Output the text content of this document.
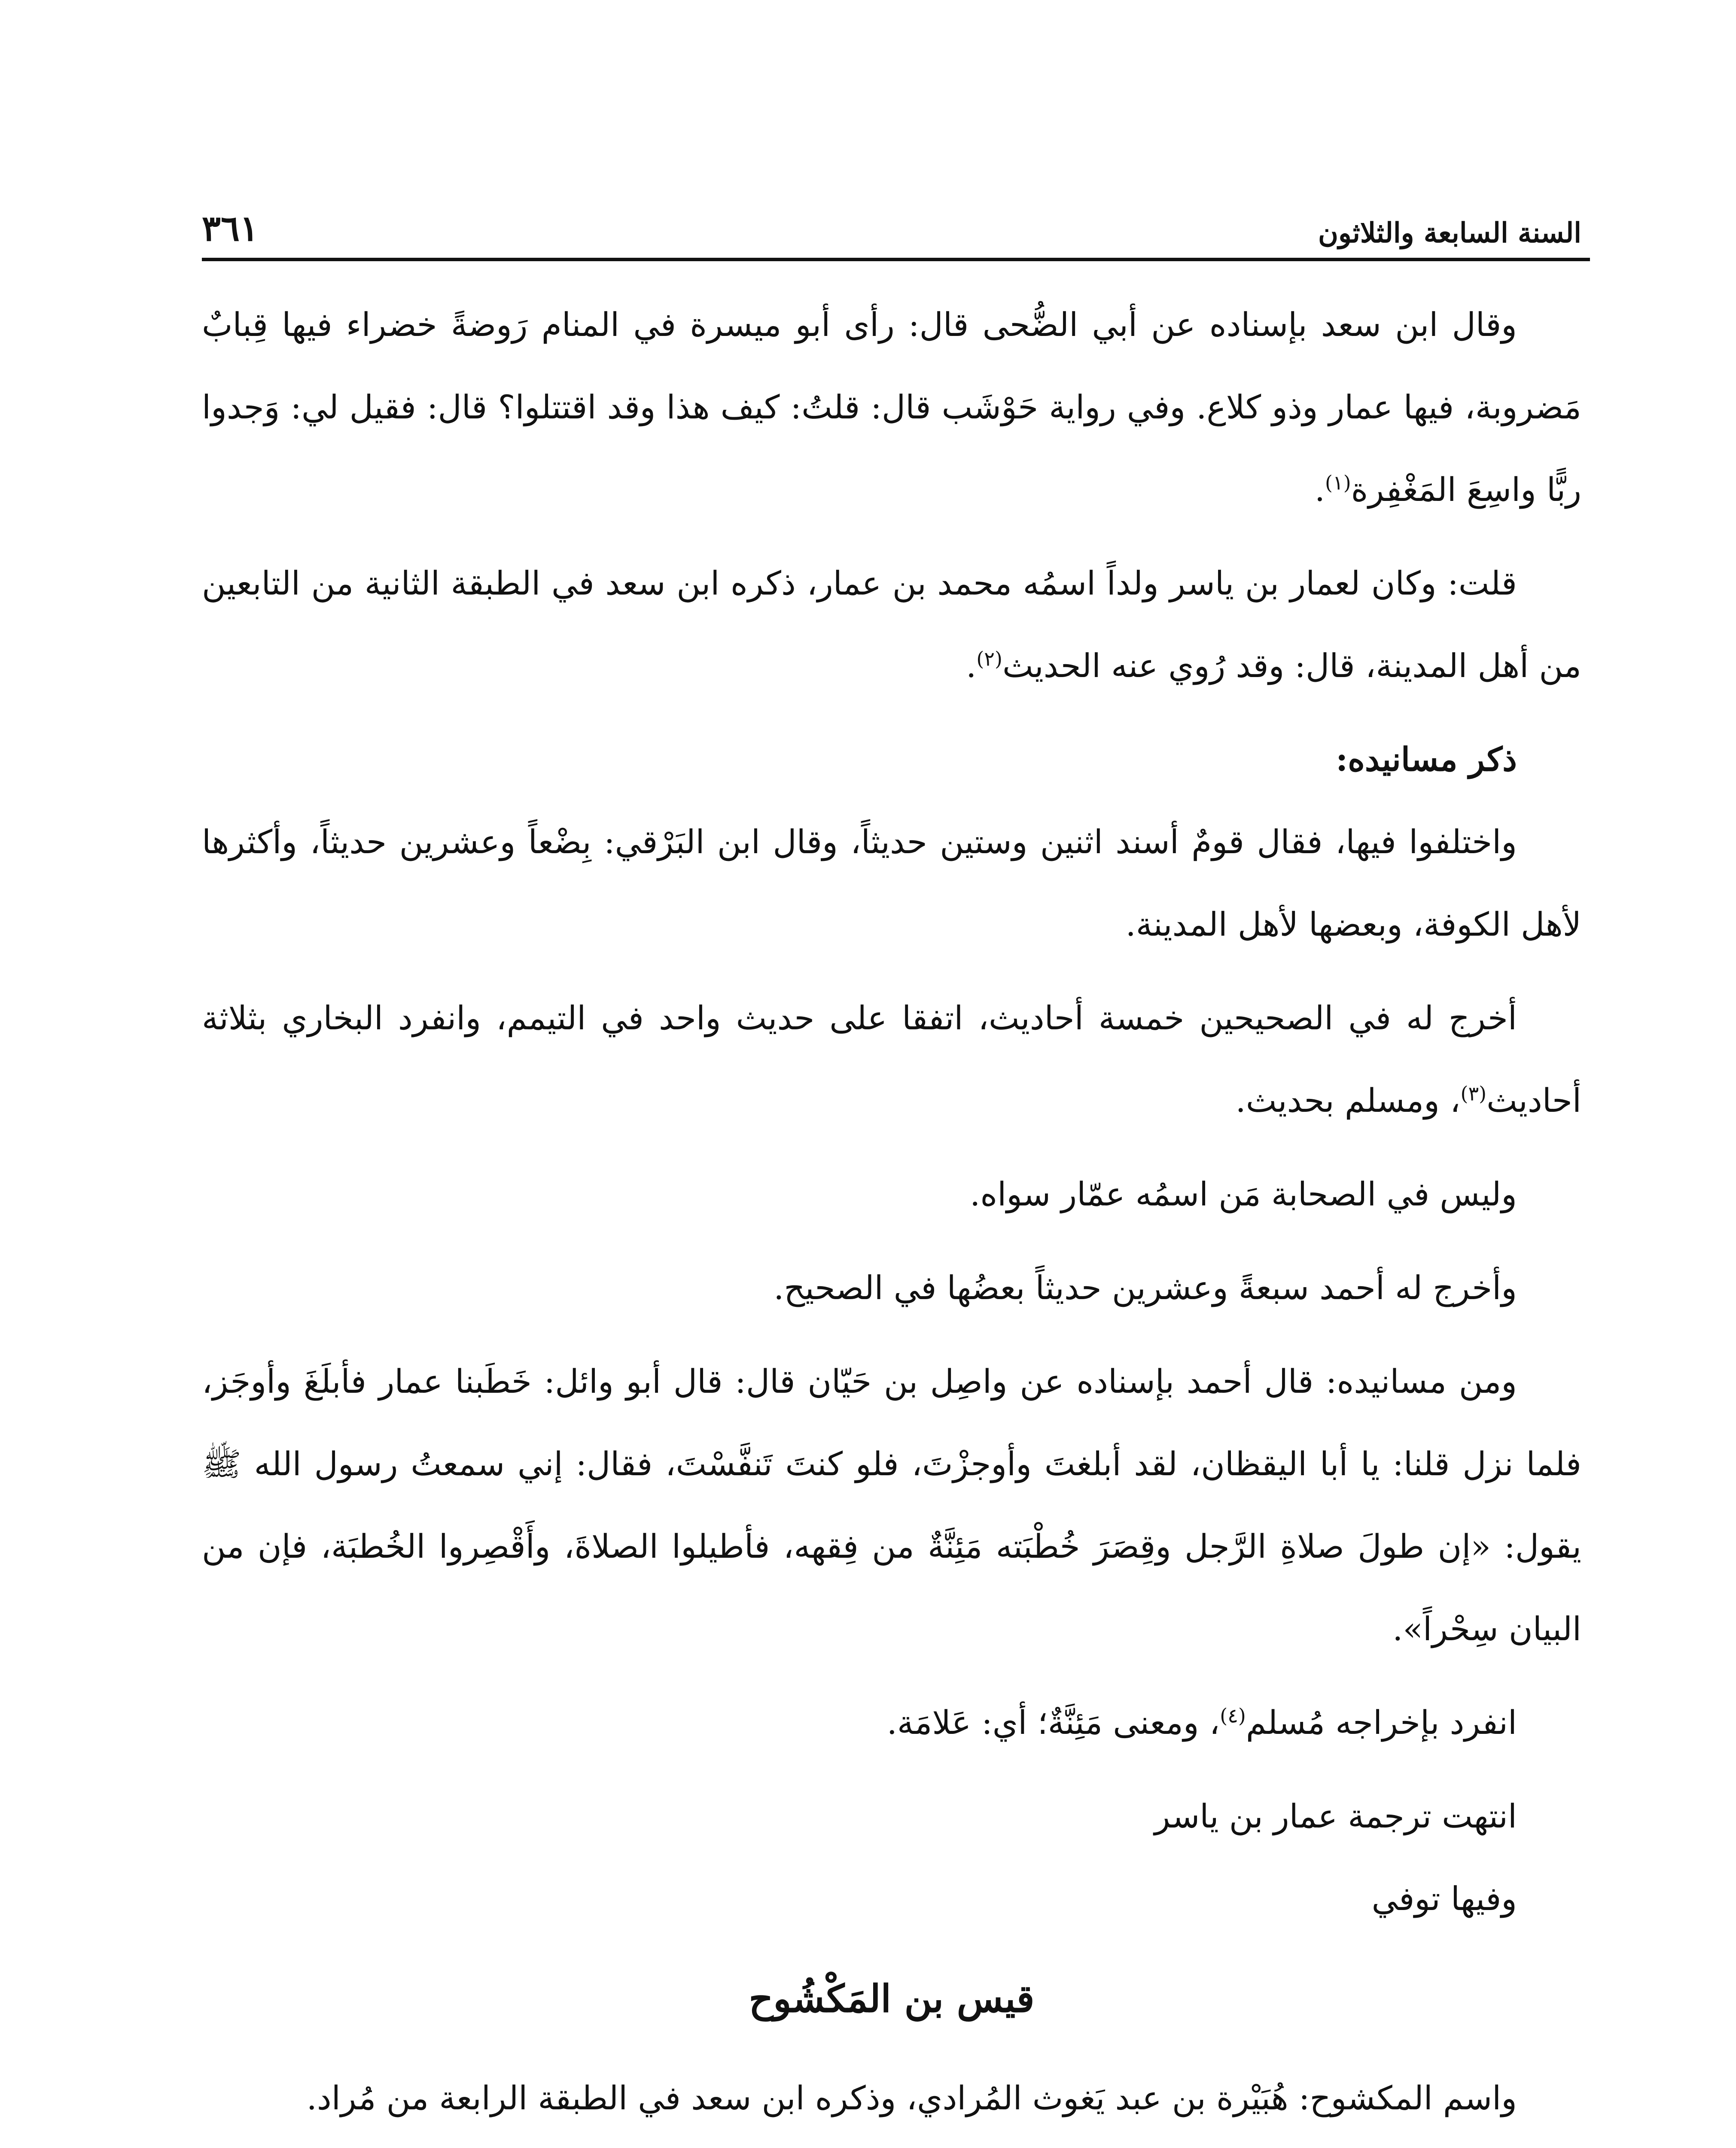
السنة السابعة والثلاثون
٣٦١

وقال ابن سعد بإسناده عن أبي الضُّحى قال: رأى أبو ميسرة في المنام رَوضةً خضراء فيها قِبابٌ مَضروبة، فيها عمار وذو كلاع. وفي رواية حَوْشَب قال: قلتُ: كيف هذا وقد اقتتلوا؟ قال: فقيل لي: وَجدوا ربًّا واسِعَ المَغْفِرة$^{(١)}$.

قلت: وكان لعمار بن ياسر ولداً اسمُه محمد بن عمار، ذكره ابن سعد في الطبقة الثانية من التابعين من أهل المدينة، قال: وقد رُوي عنه الحديث$^{(٢)}$.

ذكر مسانيده:

واختلفوا فيها، فقال قومٌ أسند اثنين وستين حديثاً، وقال ابن البَرْقي: بِضْعاً وعشرين حديثاً، وأكثرها لأهل الكوفة، وبعضها لأهل المدينة.

أخرج له في الصحيحين خمسة أحاديث، اتفقا على حديث واحد في التيمم، وانفرد البخاري بثلاثة أحاديث$^{(٣)}$، ومسلم بحديث.

وليس في الصحابة مَن اسمُه عمّار سواه.

وأخرج له أحمد سبعةً وعشرين حديثاً بعضُها في الصحيح.

ومن مسانيده: قال أحمد بإسناده عن واصِل بن حَيّان قال: قال أبو وائل: خَطَبنا عمار فأبلَغَ وأوجَز، فلما نزل قلنا: يا أبا اليقظان، لقد أبلغتَ وأوجزْتَ، فلو كنتَ تَنفَّسْتَ، فقال: إني سمعتُ رسول الله ﷺ يقول: «إن طولَ صلاةِ الرَّجل وقِصَرَ خُطْبَته مَئِنَّةٌ من فِقهه، فأطيلوا الصلاةَ، وأَقْصِروا الخُطبَة، فإن من البيان سِحْراً».

انفرد بإخراجه مُسلم$^{(٤)}$، ومعنى مَئِنَّةٌ؛ أي: عَلامَة.

انتهت ترجمة عمار بن ياسر

وفيها توفي

قيس بن المَكْشُوح

واسم المكشوح: هُبَيْرة بن عبد يَغوث المُرادي، وذكره ابن سعد في الطبقة الرابعة من مُراد.
